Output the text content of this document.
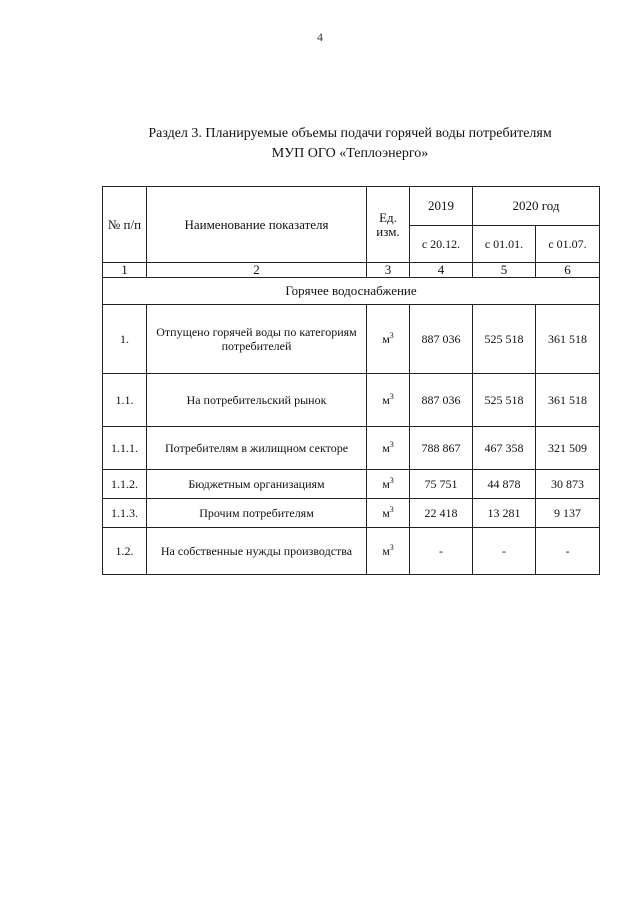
4
Раздел 3. Планируемые объемы подачи горячей воды потребителям
МУП ОГО «Теплоэнерго»
№ п/п	Наименование показателя	Ед. изм.	2019	2020 год	
			с 20.12.	с 01.01.	с 01.07.
1	2	3	4	5	6
Горячее водоснабжение					
1.	Отпущено горячей воды по категориям потребителей	$м^3$	887 036	525 518	361 518
1.1.	На потребительский рынок	$м^3$	887 036	525 518	361 518
1.1.1.	Потребителям в жилищном секторе	$м^3$	788 867	467 358	321 509
1.1.2.	Бюджетным организациям	$м^3$	75 751	44 878	30 873
1.1.3.	Прочим потребителям	$м^3$	22 418	13 281	9 137
1.2.	На собственные нужды производства	$м^3$	-	-	-
